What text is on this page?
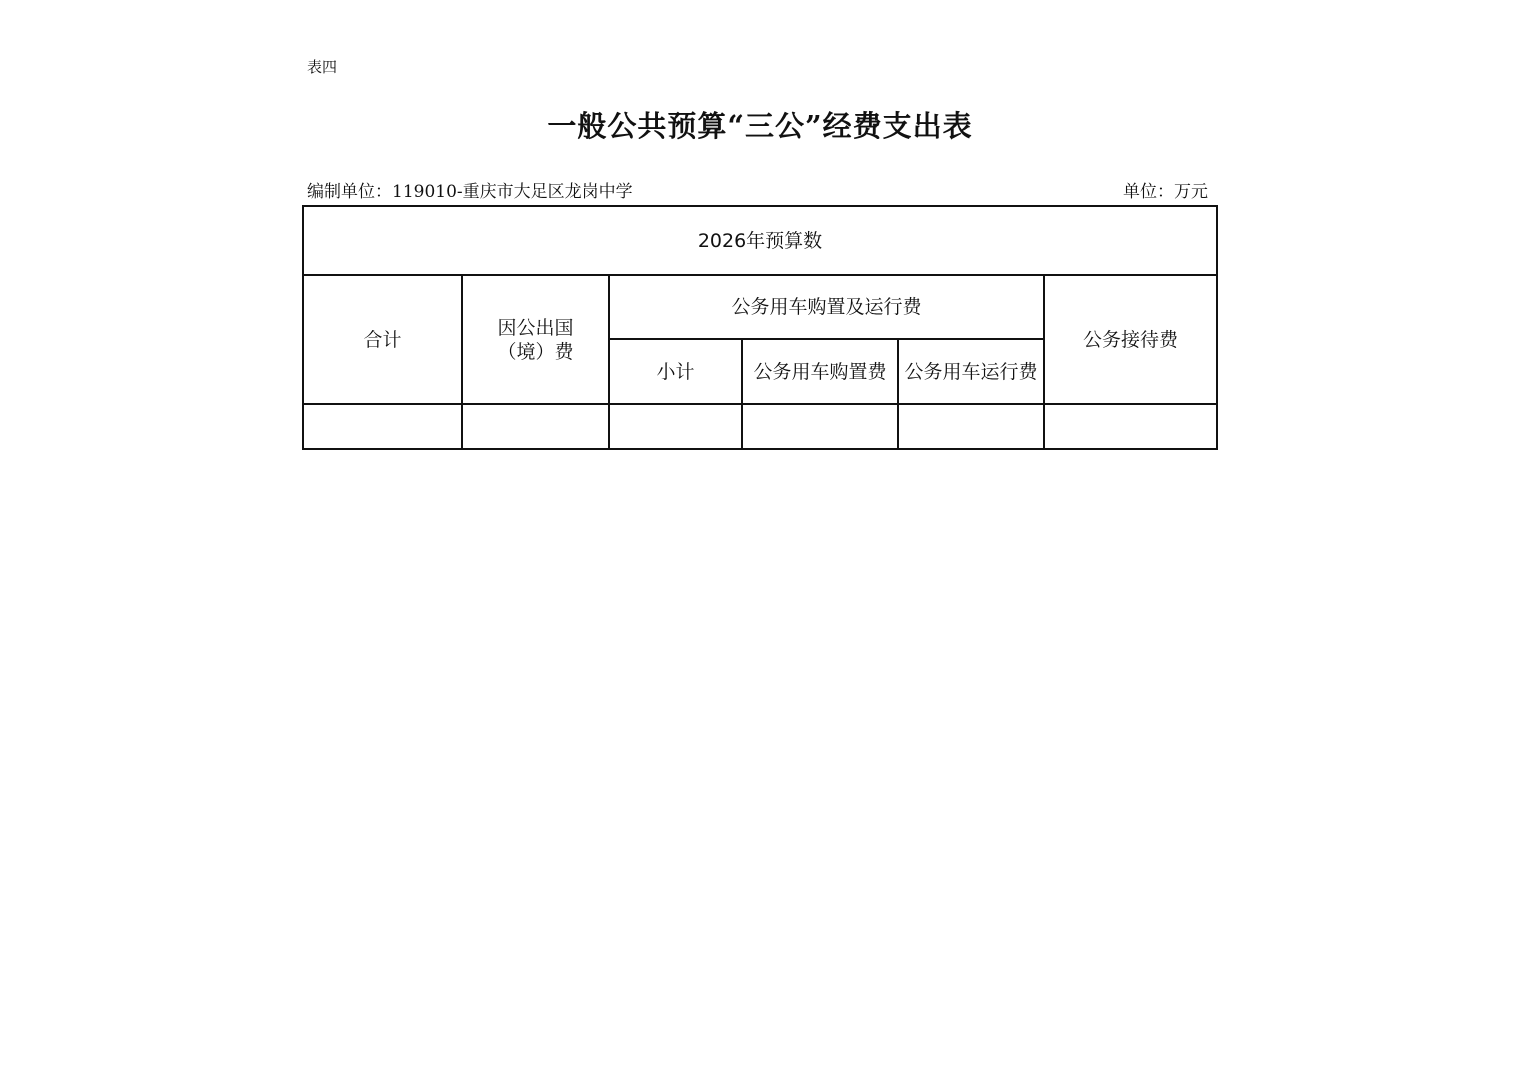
表四
一般公共预算“三公”经费支出表
编制单位：119010-重庆市大足区龙岗中学	单位：万元
2026年预算数					
合计	因公出国（境）费	公务用车购置及运行费			公务接待费
		小计	公务用车购置费	公务用车运行费	
